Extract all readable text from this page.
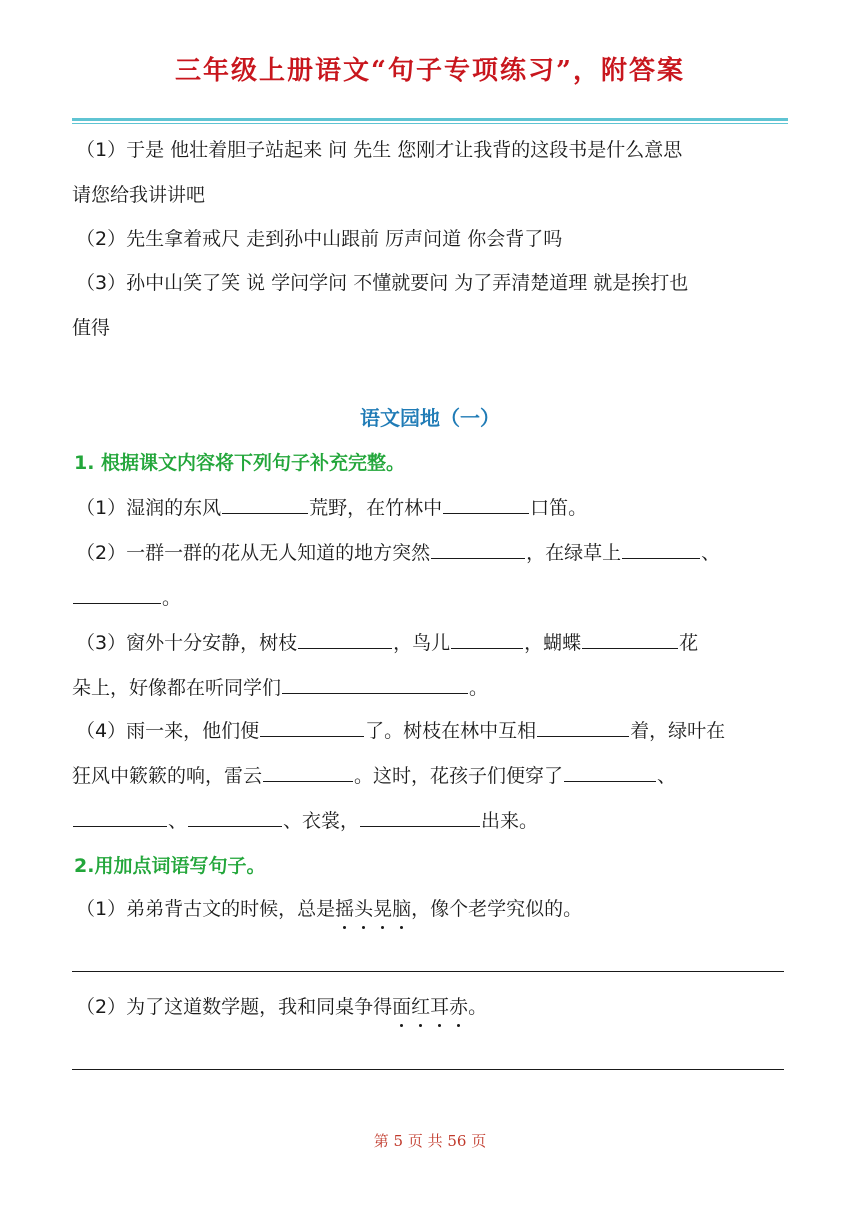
三年级上册语文“句子专项练习”，附答案
（1）于是 他壮着胆子站起来 问 先生 您刚才让我背的这段书是什么意思
请您给我讲讲吧
（2）先生拿着戒尺 走到孙中山跟前 厉声问道 你会背了吗
（3）孙中山笑了笑 说 学问学问 不懂就要问 为了弄清楚道理 就是挨打也
值得
语文园地（一）
1. 根据课文内容将下列句子补充完整。
（1）湿润的东风	荒野，在竹林中	口笛。
（2）一群一群的花从无人知道的地方突然	，在绿草上	、
。
（3）窗外十分安静，树枝	，鸟儿	，蝴蝶	花
朵上，好像都在听同学们	。
（4）雨一来，他们便	了。树枝在林中互相	着，绿叶在
狂风中簌簌的响，雷云	。这时，花孩子们便穿了	、
、	、衣裳，	出来。
2.用加点词语写句子。
（1）弟弟背古文的时候，总是摇头晃脑，像个老学究似的。
（2）为了这道数学题，我和同桌争得面红耳赤。
第 5 页 共 56 页
